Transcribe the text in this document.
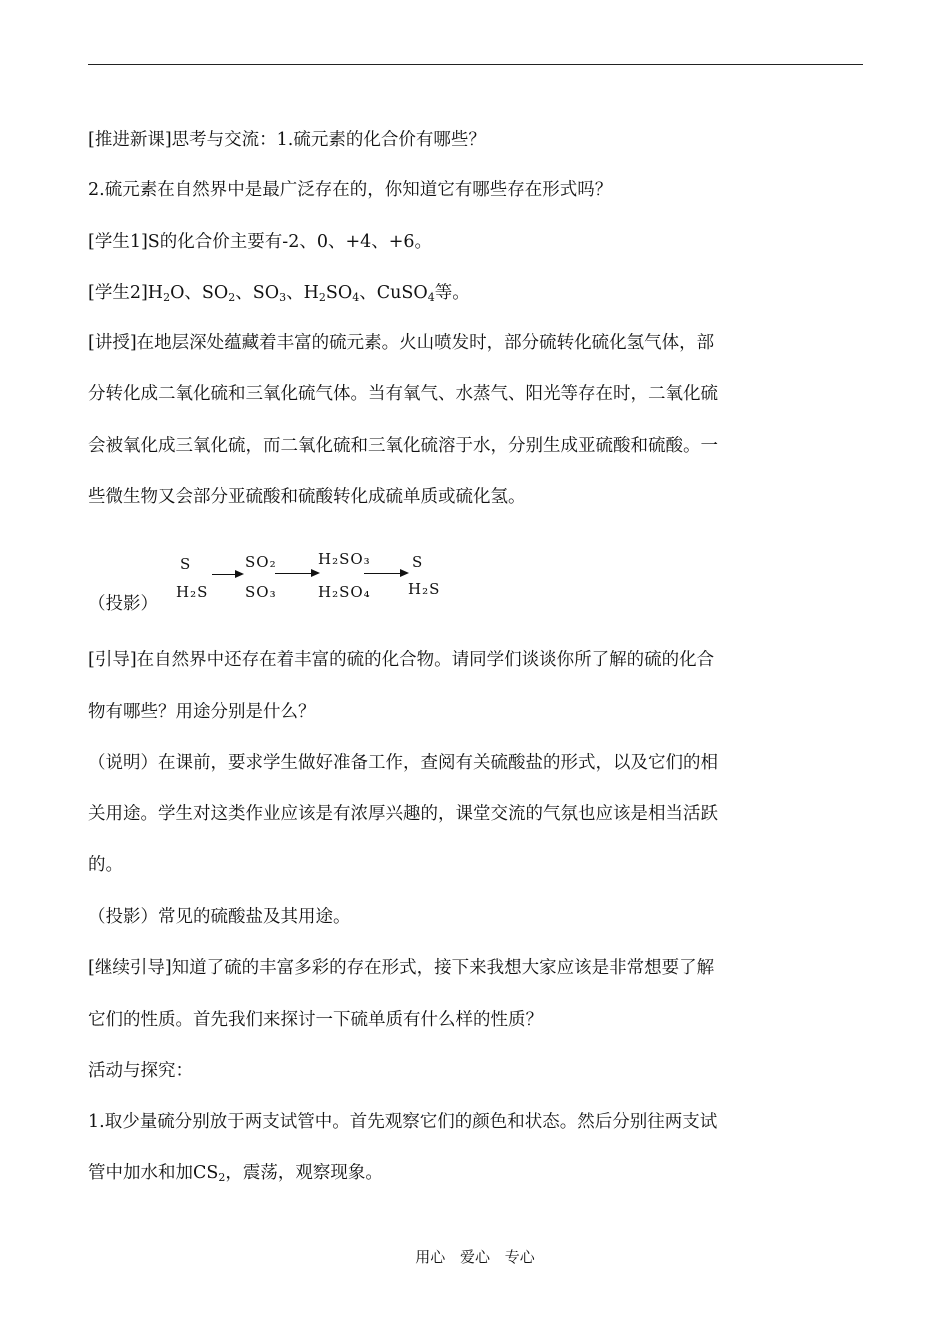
[推进新课]思考与交流：1.硫元素的化合价有哪些？
2.硫元素在自然界中是最广泛存在的，你知道它有哪些存在形式吗？
[学生1]S的化合价主要有-2、0、+4、+6。
[学生$2]H_2O$、$SO_2$、$SO_3$、$H_2SO_4$、CuSO$_4$等。
[讲授]在地层深处蕴藏着丰富的硫元素。火山喷发时，部分硫转化硫化氢气体，部
分转化成二氧化硫和三氧化硫气体。当有氧气、水蒸气、阳光等存在时，二氧化硫
会被氧化成三氧化硫，而二氧化硫和三氧化硫溶于水，分别生成亚硫酸和硫酸。一
些微生物又会部分亚硫酸和硫酸转化成硫单质或硫化氢。
（投影）
S
H₂S
SO₂
SO₃
H₂SO₃
H₂SO₄
S
H₂S
[引导]在自然界中还存在着丰富的硫的化合物。请同学们谈谈你所了解的硫的化合
物有哪些？用途分别是什么？
（说明）在课前，要求学生做好准备工作，查阅有关硫酸盐的形式，以及它们的相
关用途。学生对这类作业应该是有浓厚兴趣的，课堂交流的气氛也应该是相当活跃
的。
（投影）常见的硫酸盐及其用途。
[继续引导]知道了硫的丰富多彩的存在形式，接下来我想大家应该是非常想要了解
它们的性质。首先我们来探讨一下硫单质有什么样的性质？
活动与探究：
1.取少量硫分别放于两支试管中。首先观察它们的颜色和状态。然后分别往两支试
管中加水和加$CS_2$，震荡，观察现象。
用心 爱心 专心
